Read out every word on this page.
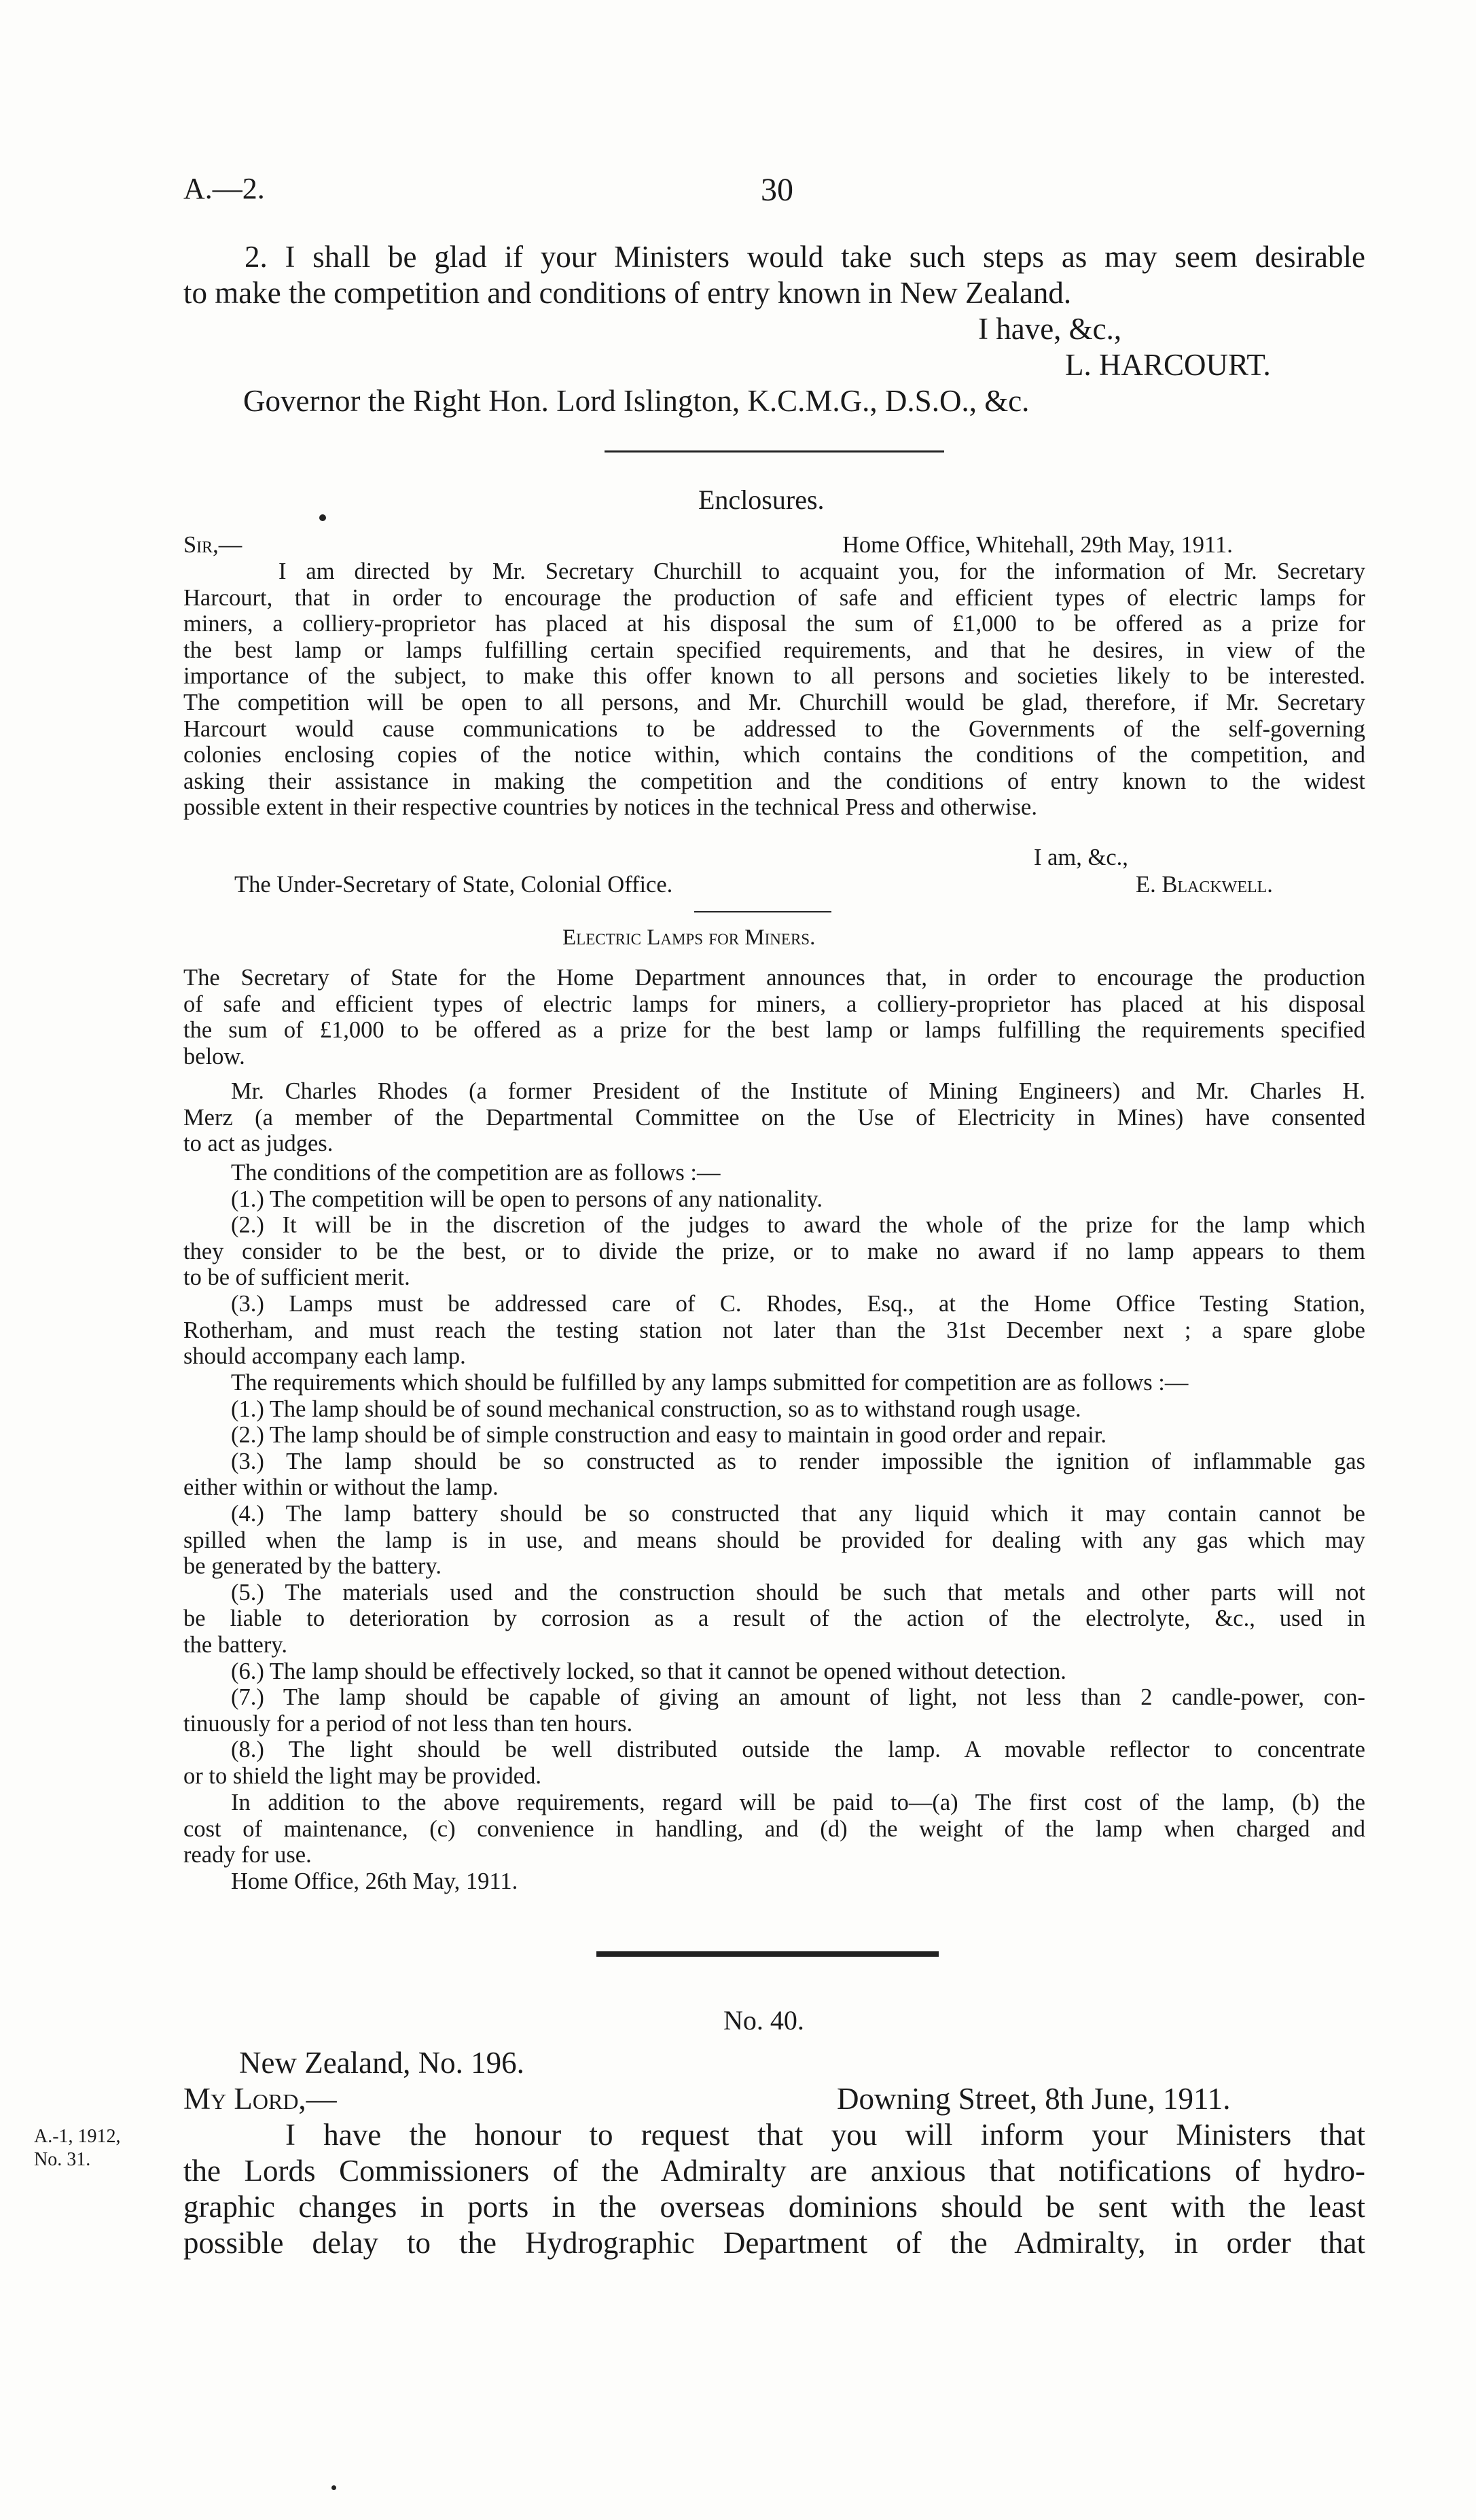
A.—2.	30
2. I shall be glad if your Ministers would take such steps as may seem desirable
to make the competition and conditions of entry known in New Zealand.
I have, &c.,
L. HARCOURT.
Governor the Right Hon. Lord Islington, K.C.M.G., D.S.O., &c.
Enclosures.
Sir,—	Home Office, Whitehall, 29th May, 1911.
I am directed by Mr. Secretary Churchill to acquaint you, for the information of Mr. Secretary
Harcourt, that in order to encourage the production of safe and efficient types of electric lamps for
miners, a colliery-proprietor has placed at his disposal the sum of £1,000 to be offered as a prize for
the best lamp or lamps fulfilling certain specified requirements, and that he desires, in view of the
importance of the subject, to make this offer known to all persons and societies likely to be interested.
The competition will be open to all persons, and Mr. Churchill would be glad, therefore, if Mr. Secretary
Harcourt would cause communications to be addressed to the Governments of the self-governing
colonies enclosing copies of the notice within, which contains the conditions of the competition, and
asking their assistance in making the competition and the conditions of entry known to the widest
possible extent in their respective countries by notices in the technical Press and otherwise.
I am, &c.,
The Under-Secretary of State, Colonial Office.	E. Blackwell.
Electric Lamps for Miners.
The Secretary of State for the Home Department announces that, in order to encourage the production
of safe and efficient types of electric lamps for miners, a colliery-proprietor has placed at his disposal
the sum of £1,000 to be offered as a prize for the best lamp or lamps fulfilling the requirements specified
below.
Mr. Charles Rhodes (a former President of the Institute of Mining Engineers) and Mr. Charles H.
Merz (a member of the Departmental Committee on the Use of Electricity in Mines) have consented
to act as judges.
The conditions of the competition are as follows :—
(1.) The competition will be open to persons of any nationality.
(2.) It will be in the discretion of the judges to award the whole of the prize for the lamp which
they consider to be the best, or to divide the prize, or to make no award if no lamp appears to them
to be of sufficient merit.
(3.) Lamps must be addressed care of C. Rhodes, Esq., at the Home Office Testing Station,
Rotherham, and must reach the testing station not later than the 31st December next ; a spare globe
should accompany each lamp.
The requirements which should be fulfilled by any lamps submitted for competition are as follows :—
(1.) The lamp should be of sound mechanical construction, so as to withstand rough usage.
(2.) The lamp should be of simple construction and easy to maintain in good order and repair.
(3.) The lamp should be so constructed as to render impossible the ignition of inflammable gas
either within or without the lamp.
(4.) The lamp battery should be so constructed that any liquid which it may contain cannot be
spilled when the lamp is in use, and means should be provided for dealing with any gas which may
be generated by the battery.
(5.) The materials used and the construction should be such that metals and other parts will not
be liable to deterioration by corrosion as a result of the action of the electrolyte, &c., used in
the battery.
(6.) The lamp should be effectively locked, so that it cannot be opened without detection.
(7.) The lamp should be capable of giving an amount of light, not less than 2 candle-power, con-
tinuously for a period of not less than ten hours.
(8.) The light should be well distributed outside the lamp. A movable reflector to concentrate
or to shield the light may be provided.
In addition to the above requirements, regard will be paid to—(a) The first cost of the lamp, (b) the
cost of maintenance, (c) convenience in handling, and (d) the weight of the lamp when charged and
ready for use.
Home Office, 26th May, 1911.
No. 40.
New Zealand, No. 196.
My Lord,—	Downing Street, 8th June, 1911.
A.-1, 1912,
No. 31.
I have the honour to request that you will inform your Ministers that
the Lords Commissioners of the Admiralty are anxious that notifications of hydro-
graphic changes in ports in the overseas dominions should be sent with the least
possible delay to the Hydrographic Department of the Admiralty, in order that
